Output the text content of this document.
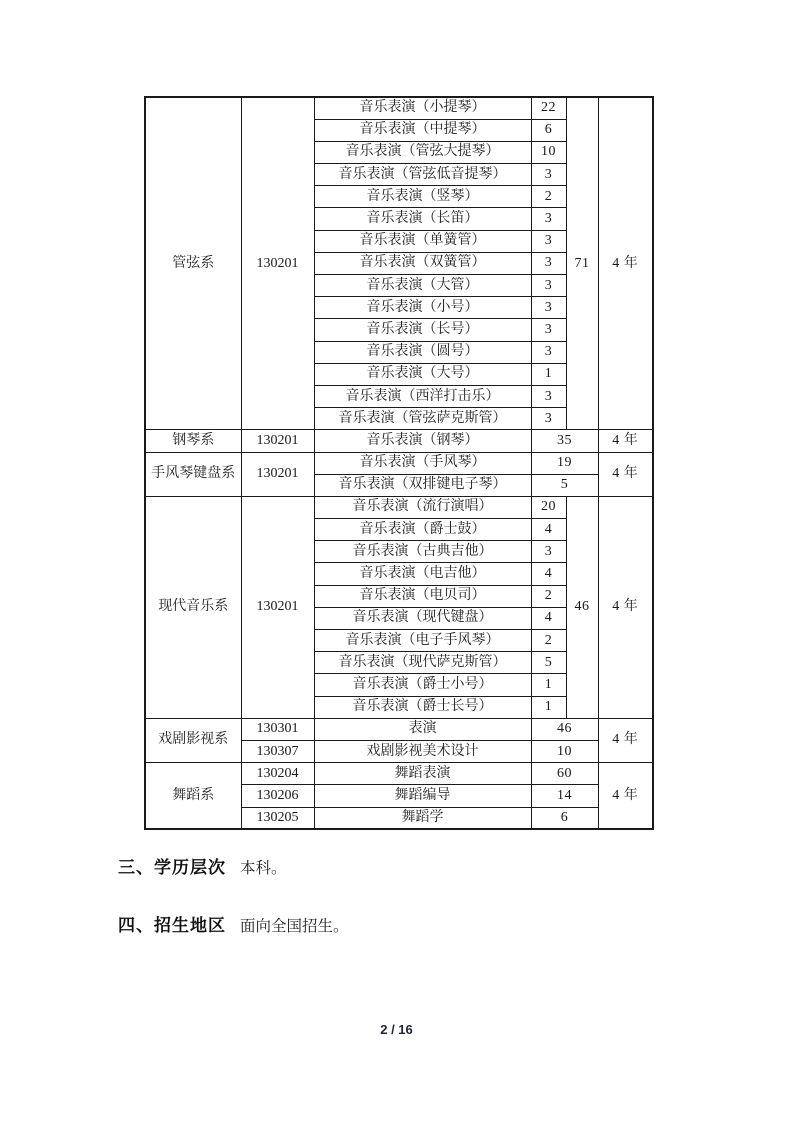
管弦系	130201	音乐表演（小提琴）	22	71	4 年
		音乐表演（中提琴）	6		
		音乐表演（管弦大提琴）	10		
		音乐表演（管弦低音提琴）	3		
		音乐表演（竖琴）	2		
		音乐表演（长笛）	3		
		音乐表演（单簧管）	3		
		音乐表演（双簧管）	3		
		音乐表演（大管）	3		
		音乐表演（小号）	3		
		音乐表演（长号）	3		
		音乐表演（圆号）	3		
		音乐表演（大号）	1		
		音乐表演（西洋打击乐）	3		
		音乐表演（管弦萨克斯管）	3		
钢琴系	130201	音乐表演（钢琴）	35		4 年
手风琴键盘系	130201	音乐表演（手风琴）	19		4 年
		音乐表演（双排键电子琴）	5		
现代音乐系	130201	音乐表演（流行演唱）	20	46	4 年
		音乐表演（爵士鼓）	4		
		音乐表演（古典吉他）	3		
		音乐表演（电吉他）	4		
		音乐表演（电贝司）	2		
		音乐表演（现代键盘）	4		
		音乐表演（电子手风琴）	2		
		音乐表演（现代萨克斯管）	5		
		音乐表演（爵士小号）	1		
		音乐表演（爵士长号）	1		
戏剧影视系	130301	表演	46		4 年
	130307	戏剧影视美术设计	10		
舞蹈系	130204	舞蹈表演	60		4 年
	130206	舞蹈编导	14		
	130205	舞蹈学	6		
三、学历层次 本科。
四、招生地区 面向全国招生。
2 / 16
